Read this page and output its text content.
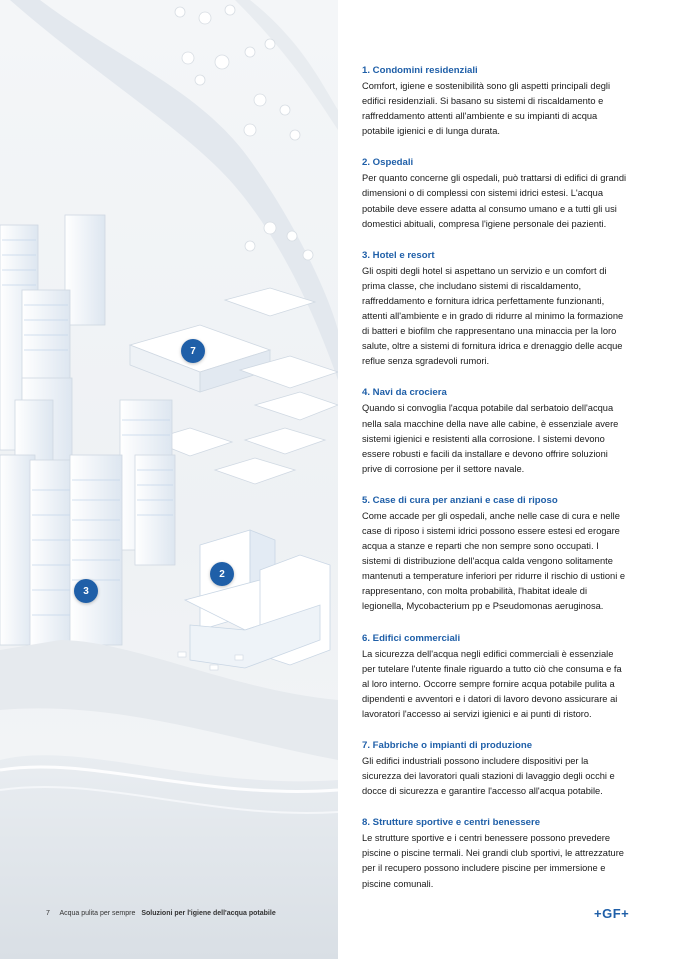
7
2
3
1. Condomini residenziali

Comfort, igiene e sostenibilità sono gli aspetti principali degli edifici residenziali. Si basano su sistemi di riscaldamento e raffreddamento attenti all'ambiente e su impianti di acqua potabile igienici e di lunga durata.

2. Ospedali

Per quanto concerne gli ospedali, può trattarsi di edifici di grandi dimensioni o di complessi con sistemi idrici estesi. L'acqua potabile deve essere adatta al consumo umano e a tutti gli usi domestici abituali, compresa l'igiene personale dei pazienti.

3. Hotel e resort

Gli ospiti degli hotel si aspettano un servizio e un comfort di prima classe, che includano sistemi di riscaldamento, raffreddamento e fornitura idrica perfettamente funzionanti, attenti all'ambiente e in grado di ridurre al minimo la formazione di batteri e biofilm che rappresentano una minaccia per la loro salute, oltre a sistemi di fornitura idrica e drenaggio delle acque reflue senza sgradevoli rumori.

4. Navi da crociera

Quando si convoglia l'acqua potabile dal serbatoio dell'acqua nella sala macchine della nave alle cabine, è essenziale avere sistemi igienici e resistenti alla corrosione. I sistemi devono essere robusti e facili da installare e devono offrire soluzioni prive di corrosione per il settore navale.

5. Case di cura per anziani e case di riposo

Come accade per gli ospedali, anche nelle case di cura e nelle case di riposo i sistemi idrici possono essere estesi ed erogare acqua a stanze e reparti che non sempre sono occupati. I sistemi di distribuzione dell'acqua calda vengono solitamente mantenuti a temperature inferiori per ridurre il rischio di ustioni e rappresentano, con molta probabilità, l'habitat ideale di legionella, Mycobacterium pp e Pseudomonas aeruginosa.

6. Edifici commerciali

La sicurezza dell'acqua negli edifici commerciali è essenziale per tutelare l'utente finale riguardo a tutto ciò che consuma e fa al loro interno. Occorre sempre fornire acqua potabile pulita a dipendenti e avventori e i datori di lavoro devono assicurare ai lavoratori l'accesso ai servizi igienici e ai punti di ristoro.

7. Fabbriche o impianti di produzione

Gli edifici industriali possono includere dispositivi per la sicurezza dei lavoratori quali stazioni di lavaggio degli occhi e docce di sicurezza e garantire l'accesso all'acqua potabile.

8. Strutture sportive e centri benessere

Le strutture sportive e i centri benessere possono prevedere piscine o piscine termali. Nei grandi club sportivi, le attrezzature per il recupero possono includere piscine per immersione e piscine comunali.

7 Acqua pulita per sempre Soluzioni per l'igiene dell'acqua potabile	+GF+
